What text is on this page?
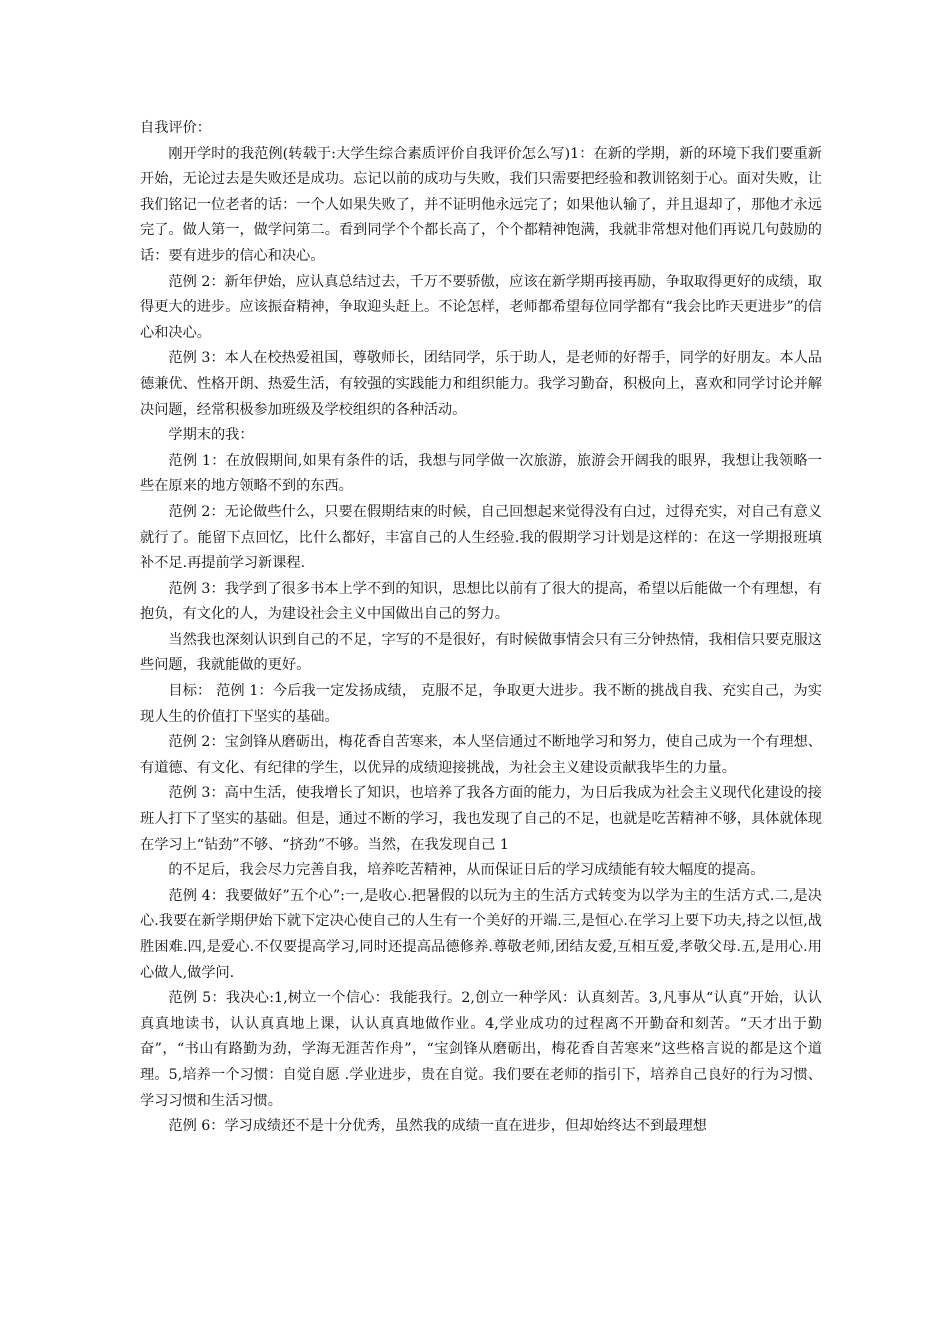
自我评价：

刚开学时的我范例(转载于:大学生综合素质评价自我评价怎么写)1：在新的学期，新的环境下我们要重新开始，无论过去是失败还是成功。忘记以前的成功与失败，我们只需要把经验和教训铭刻于心。面对失败，让我们铭记一位老者的话：一个人如果失败了，并不证明他永远完了；如果他认输了，并且退却了，那他才永远完了。做人第一，做学问第二。看到同学个个都长高了，个个都精神饱满，我就非常想对他们再说几句鼓励的话：要有进步的信心和决心。

范例 2：新年伊始，应认真总结过去，千万不要骄傲，应该在新学期再接再励，争取取得更好的成绩，取得更大的进步。应该振奋精神，争取迎头赶上。不论怎样，老师都希望每位同学都有“我会比昨天更进步”的信心和决心。

范例 3：本人在校热爱祖国，尊敬师长，团结同学，乐于助人，是老师的好帮手，同学的好朋友。本人品德兼优、性格开朗、热爱生活，有较强的实践能力和组织能力。我学习勤奋，积极向上，喜欢和同学讨论并解决问题，经常积极参加班级及学校组织的各种活动。

学期末的我：

范例 1：在放假期间,如果有条件的话，我想与同学做一次旅游，旅游会开阔我的眼界，我想让我领略一些在原来的地方领略不到的东西。

范例 2：无论做些什么，只要在假期结束的时候，自己回想起来觉得没有白过，过得充实，对自己有意义就行了。能留下点回忆，比什么都好，丰富自己的人生经验.我的假期学习计划是这样的：在这一学期报班填补不足.再提前学习新课程.

范例 3：我学到了很多书本上学不到的知识，思想比以前有了很大的提高，希望以后能做一个有理想，有抱负，有文化的人，为建设社会主义中国做出自己的努力。

当然我也深刻认识到自己的不足，字写的不是很好，有时候做事情会只有三分钟热情，我相信只要克服这些问题，我就能做的更好。

目标： 范例 1：今后我一定发扬成绩， 克服不足，争取更大进步。我不断的挑战自我、充实自己，为实现人生的价值打下坚实的基础。

范例 2：宝剑锋从磨砺出，梅花香自苦寒来，本人坚信通过不断地学习和努力，使自己成为一个有理想、有道德、有文化、有纪律的学生，以优异的成绩迎接挑战，为社会主义建设贡献我毕生的力量。

范例 3：高中生活，使我增长了知识，也培养了我各方面的能力，为日后我成为社会主义现代化建设的接班人打下了坚实的基础。但是，通过不断的学习，我也发现了自己的不足，也就是吃苦精神不够，具体就体现在学习上“钻劲”不够、“挤劲”不够。当然，在我发现自己 1

的不足后，我会尽力完善自我，培养吃苦精神，从而保证日后的学习成绩能有较大幅度的提高。

范例 4：我要做好”五个心”:一,是收心.把暑假的以玩为主的生活方式转变为以学为主的生活方式.二,是决心.我要在新学期伊始下就下定决心使自己的人生有一个美好的开端.三,是恒心.在学习上要下功夫,持之以恒,战胜困难.四,是爱心.不仅要提高学习,同时还提高品德修养.尊敬老师,团结友爱,互相互爱,孝敬父母.五,是用心.用心做人,做学问.

范例 5：我决心:1,树立一个信心：我能我行。2,创立一种学风：认真刻苦。3,凡事从“认真”开始，认认真真地读书，认认真真地上课，认认真真地做作业。4,学业成功的过程离不开勤奋和刻苦。“天才出于勤奋”，“书山有路勤为劲，学海无涯苦作舟”，“宝剑锋从磨砺出，梅花香自苦寒来”这些格言说的都是这个道理。5,培养一个习惯：自觉自愿 .学业进步，贵在自觉。我们要在老师的指引下，培养自己良好的行为习惯、学习习惯和生活习惯。

范例 6：学习成绩还不是十分优秀，虽然我的成绩一直在进步，但却始终达不到最理想
